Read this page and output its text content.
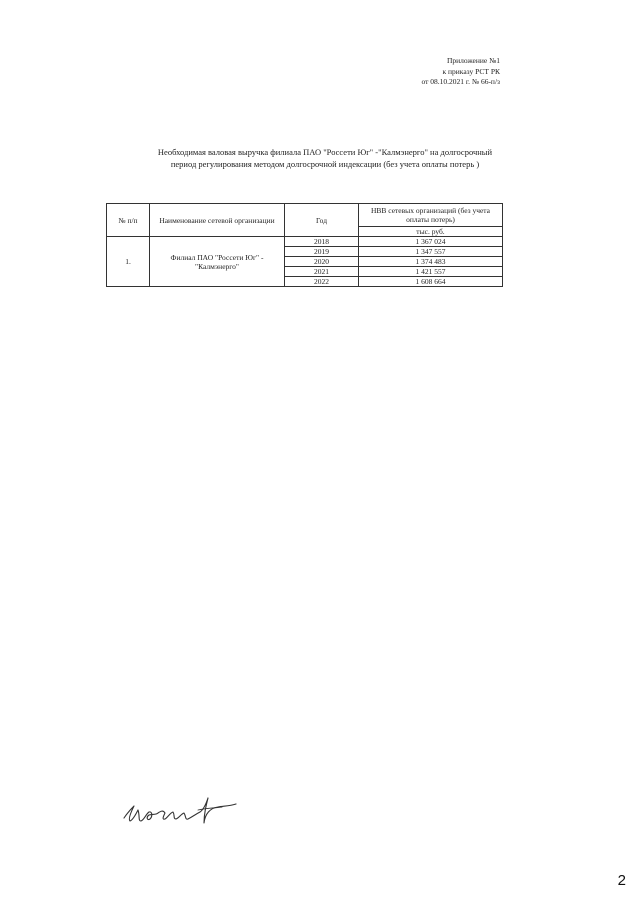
Приложение №1
к приказу РСТ РК
от 08.10.2021 г. № 66-п/з
Необходимая валовая выручка филиала ПАО "Россети Юг" -"Калмэнерго" на долгосрочный период регулирования методом долгосрочной индексации (без учета оплаты потерь )
№ п/п	Наименование сетевой организации	Год	НВВ сетевых организаций (без учета оплаты потерь)
			тыс. руб.
1.	Филиал ПАО "Россети Юг" - "Калмэнерго"	2018	1 367 024
		2019	1 347 557
		2020	1 374 483
		2021	1 421 557
		2022	1 608 664
2
